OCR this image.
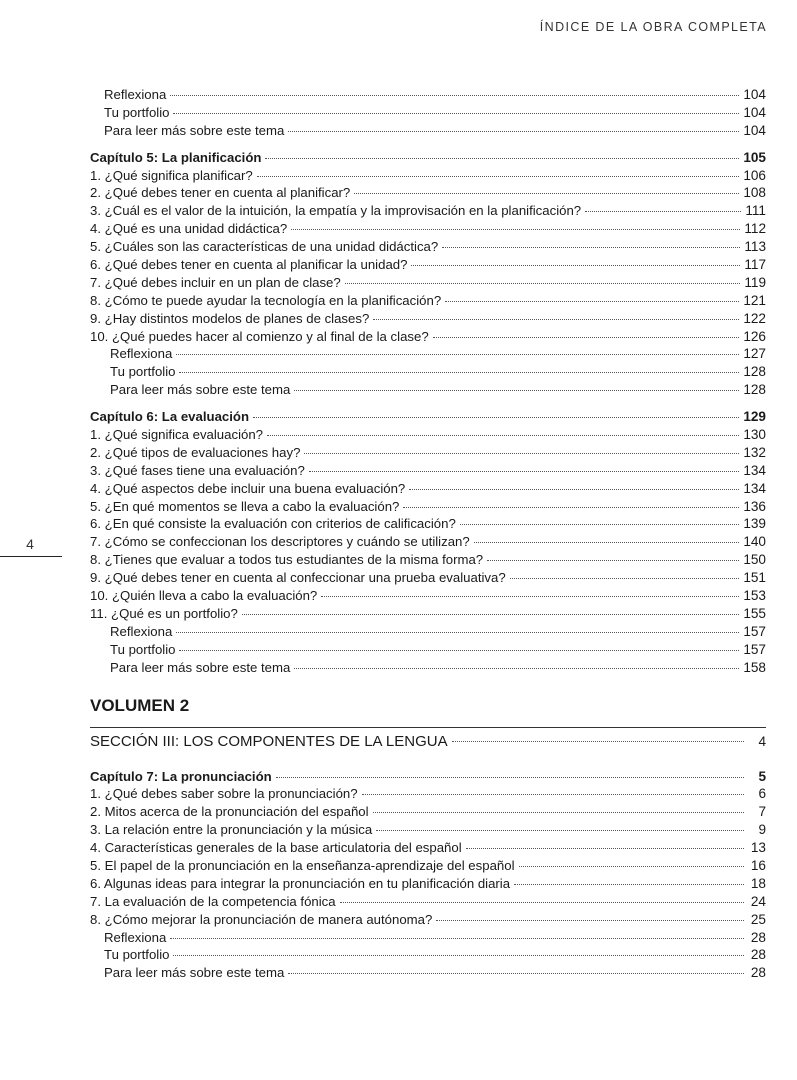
ÍNDICE DE LA OBRA COMPLETA
4
Reflexiona	104
Tu portfolio	104
Para leer más sobre este tema	104
Capítulo 5: La planificación	105
1. ¿Qué significa planificar?	106
2. ¿Qué debes tener en cuenta al planificar?	108
3. ¿Cuál es el valor de la intuición, la empatía y la improvisación en la planificación?	111
4. ¿Qué es una unidad didáctica?	112
5. ¿Cuáles son las características de una unidad didáctica?	113
6. ¿Qué debes tener en cuenta al planificar la unidad?	117
7. ¿Qué debes incluir en un plan de clase?	119
8. ¿Cómo te puede ayudar la tecnología en la planificación?	121
9. ¿Hay distintos modelos de planes de clases?	122
10. ¿Qué puedes hacer al comienzo y al final de la clase?	126
Reflexiona	127
Tu portfolio	128
Para leer más sobre este tema	128
Capítulo 6: La evaluación	129
1. ¿Qué significa evaluación?	130
2. ¿Qué tipos de evaluaciones hay?	132
3. ¿Qué fases tiene una evaluación?	134
4. ¿Qué aspectos debe incluir una buena evaluación?	134
5. ¿En qué momentos se lleva a cabo la evaluación?	136
6. ¿En qué consiste la evaluación con criterios de calificación?	139
7. ¿Cómo se confeccionan los descriptores y cuándo se utilizan?	140
8. ¿Tienes que evaluar a todos tus estudiantes de la misma forma?	150
9. ¿Qué debes tener en cuenta al confeccionar una prueba evaluativa?	151
10. ¿Quién lleva a cabo la evaluación?	153
11. ¿Qué es un portfolio?	155
Reflexiona	157
Tu portfolio	157
Para leer más sobre este tema	158
VOLUMEN 2
SECCIÓN III: LOS COMPONENTES DE LA LENGUA	4
Capítulo 7: La pronunciación	5
1. ¿Qué debes saber sobre la pronunciación?	6
2. Mitos acerca de la pronunciación del español	7
3. La relación entre la pronunciación y la música	9
4. Características generales de la base articulatoria del español	13
5. El papel de la pronunciación en la enseñanza-aprendizaje del español	16
6. Algunas ideas para integrar la pronunciación en tu planificación diaria	18
7. La evaluación de la competencia fónica	24
8. ¿Cómo mejorar la pronunciación de manera autónoma?	25
Reflexiona	28
Tu portfolio	28
Para leer más sobre este tema	28
